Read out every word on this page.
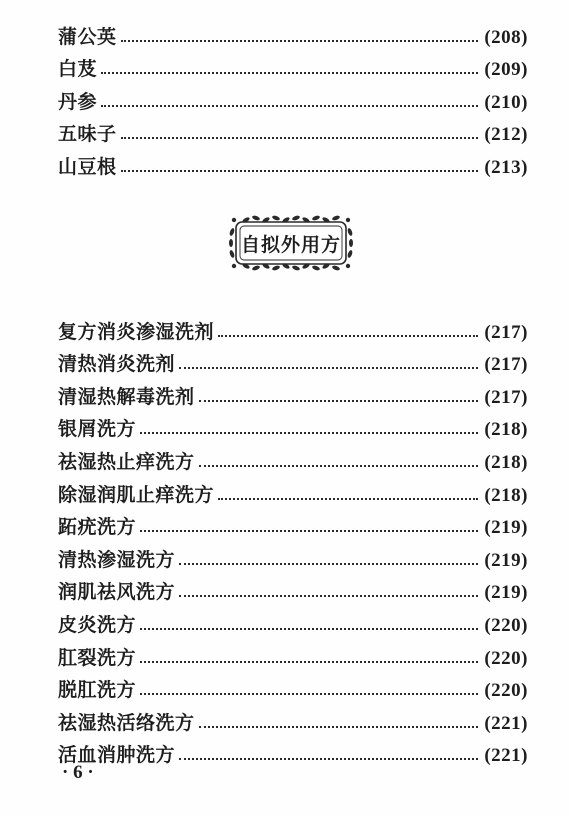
蒲公英	(208)
白芨	(209)
丹参	(210)
五味子	(212)
山豆根	(213)
自拟外用方
复方消炎渗湿洗剂	(217)
清热消炎洗剂	(217)
清湿热解毒洗剂	(217)
银屑洗方	(218)
祛湿热止痒洗方	(218)
除湿润肌止痒洗方	(218)
跖疣洗方	(219)
清热渗湿洗方	(219)
润肌祛风洗方	(219)
皮炎洗方	(220)
肛裂洗方	(220)
脱肛洗方	(220)
祛湿热活络洗方	(221)
活血消肿洗方	(221)
· 6 ·
